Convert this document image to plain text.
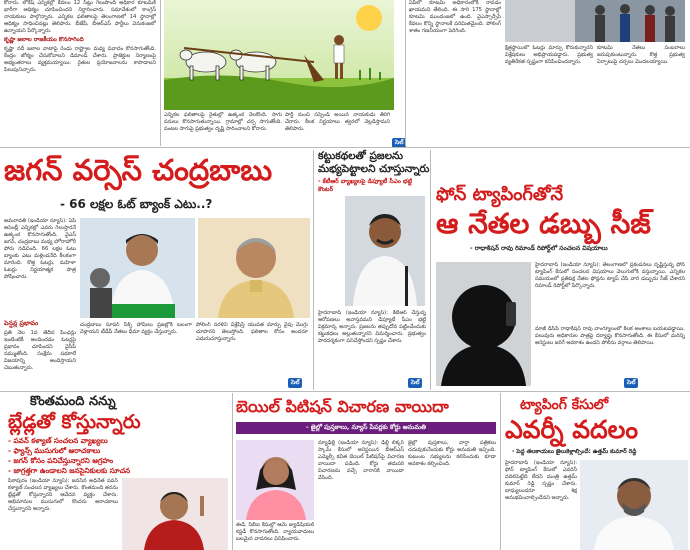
కోరారు. లోకేష్ ఎన్నికల్లో కేవలం 12 సీట్లు గెలుపొంది అధికార కూటమికి భారీగా ఆధిక్యం చూపించిందని నిర్ధారించారు. సమావేశంలో కాంగ్రెస్ నాయకులు పాల్గొన్నారు. ఎన్నికల ఫలితాలపై తెలంగాణలో 14 స్థానాల్లో ఆధిక్యం సాధించినట్లు తెలిపారు. బీజేపీ, బీఆర్ఎస్ పార్టీలు వెనుకంజలో ఉన్నాయని పేర్కొన్నారు.

కృష్ణా జలాల రాజకీయం కొనసాగింది

కృష్ణా నదీ జలాల వాటాపై రెండు రాష్ట్రాల మధ్య వివాదం కొనసాగుతోంది. కేంద్రం జోక్యం చేసుకోవాలని డిమాండ్ చేశారు. ప్రాజెక్టుల నిర్మాణంపై అభ్యంతరాలు వ్యక్తమయ్యాయి. రైతుల ప్రయోజనాలను కాపాడాలని పిలుపునిచ్చారు.

ఎన్నికల ఫలితాలపై రైతుల్లో ఉత్కంఠ నెలకొంది. సాగు పనులు కొనసాగుతున్నాయి. గ్రామాల్లో చర్చ సాగుతోంది. పంటల సాగుపై ప్రభుత్వం దృష్టి సారించాలని కోరారు.
పార్టీ నుంచి సస్పెండ్ అయిన నాయకుడు తిరిగి చేరారు. కీలక నిర్ణయాలు త్వరలో వెల్లడిస్తామని తెలిపారు.
సెల్
ఏపీలో కూటమి అధికారంలోకి రావడం ఖాయమని తేలింది. ఈ సారి 175 స్థానాల్లో కూటమి ముందంజలో ఉంది. వైఎస్సార్సీపీ కేవలం కొన్ని స్థానాలకే పరిమితమైంది. పోలింగ్ శాతం గణనీయంగా పెరిగింది.
క్షేత్రస్థాయిలో ఓటర్లు మార్పు కోరుకున్నారని విశ్లేషకులు అభిప్రాయపడ్డారు. ప్రభుత్వ వ్యతిరేకత స్పష్టంగా కనిపించిందన్నారు.
కూటమి నేతలు సంబరాలు జరుపుకుంటున్నారు. కొత్త ప్రభుత్వ ఏర్పాటుపై చర్చలు మొదలయ్యాయి.
జగన్ వర్సెస్ చంద్రబాబు
- 66 లక్షల ఓట్ బ్యాంక్ ఎటు..?
అమరావతి (ఇండియా న్యూస్): ఏపీ అసెంబ్లీ ఎన్నికల్లో ఎవరు గెలుస్తారనే ఉత్కంఠ కొనసాగుతోంది. వైఎస్ జగన్, చంద్రబాబు మధ్య హోరాహోరీ పోరు నడిచింది. 66 లక్షల ఓటు బ్యాంకు ఎటు మళ్లిందనేది కీలకంగా మారింది. కొత్త ఓటర్లు, మహిళా ఓటర్లు నిర్ణయాత్మక పాత్ర పోషించారు.
పెన్షన్ల ప్రభావం
ప్రతి నెల 1వ తేదీన పింఛన్లు ఇంటింటికీ అందించడం ఓటర్లపై ప్రభావం చూపిందని వైసీపీ నమ్ముతోంది. సంక్షేమ పథకాలే విజయాన్ని అందిస్తాయని చెబుతున్నారు.
చంద్రబాబు సూపర్ సిక్స్ హామీలు ప్రజల్లోకి బలంగా వెళ్లాయని టీడీపీ నేతలు ధీమా వ్యక్తం చేస్తున్నారు.
పోలింగ్ సరళిని విశ్లేషిస్తే యువత మార్పు వైపు మొగ్గు చూపారని తెలుస్తోంది. ఫలితాల కోసం అందరూ ఎదురుచూస్తున్నారు.
సెల్
కట్టుకథలతో ప్రజలను
మభ్యపెట్టాలని చూస్తున్నారు
- కేటీఆర్ వ్యాఖ్యలపై డిప్యూటీ సీఎం భట్టి కౌంటర్
హైదరాబాద్ (ఇండియా న్యూస్): కేటీఆర్ చేస్తున్న ఆరోపణలు అవాస్తవమని డిప్యూటీ సీఎం భట్టి విక్రమార్క అన్నారు. ప్రజలను తప్పుదోవ పట్టించేందుకు కట్టుకథలు అల్లుతున్నారని విమర్శించారు. ప్రభుత్వం పారదర్శకంగా పనిచేస్తోందని స్పష్టం చేశారు.
సెల్
ఫోన్ ట్యాపింగ్‌తోనే
ఆ నేతల డబ్బు సీజ్
- రాధాకిషన్ రావు రిమాండ్ రిపోర్ట్‌లో సంచలన విషయాలు
హైదరాబాద్ (ఇండియా న్యూస్): తెలంగాణలో ప్రకంపనలు సృష్టిస్తున్న ఫోన్ ట్యాపింగ్ కేసులో సంచలన విషయాలు వెలుగులోకి వస్తున్నాయి. ఎన్నికల సమయంలో ప్రతిపక్ష నేతల ఫోన్లను ట్యాప్ చేసి వారి డబ్బును సీజ్ చేశారని రిమాండ్ రిపోర్ట్‌లో పేర్కొన్నారు.
మాజీ డీసీపీ రాధాకిషన్ రావు వాంగ్మూలంలో కీలక అంశాలు బయటపడ్డాయి. పలువురు అధికారుల పాత్రపై దర్యాప్తు కొనసాగుతోంది. ఈ కేసులో మరిన్ని అరెస్టులు జరిగే అవకాశం ఉందని పోలీసు వర్గాలు తెలిపాయి.
సెల్
కొంతమంది నన్ను
బ్లేడ్లతో కోస్తున్నారు
- పవన్ కళ్యాణ్ సంచలన వ్యాఖ్యలు
- ఫ్యాన్స్ ముసుగులో అరాచకాలు
- జగన్ కోసం పనిచేస్తున్నారని ఆగ్రహం
- జాగ్రత్తగా ఉండాలని జనసైనికులకు సూచన
పిఠాపురం (ఇండియా న్యూస్): జనసేన అధినేత పవన్ కళ్యాణ్ సంచలన వ్యాఖ్యలు చేశారు. కొంతమంది తనను బ్లేడ్లతో కోస్తున్నారని ఆవేదన వ్యక్తం చేశారు. అభిమానుల ముసుగులో కొందరు అరాచకాలు చేస్తున్నారని అన్నారు.
బెయిల్ పిటిషన్ విచారణ వాయిదా
- జైల్లో పుస్తకాలు, న్యూస్ పేపర్లకు కోర్టు అనుమతి
ఈడీ, సీబీఐ కేసుల్లో ఆమె జ్యుడీషియల్ కస్టడీ కొనసాగుతోంది. న్యాయవాదులు బలమైన వాదనలు వినిపించారు.
న్యూఢిల్లీ (ఇండియా న్యూస్): ఢిల్లీ లిక్కర్ స్కామ్ కేసులో అరెస్టయిన బీఆర్ఎస్ ఎమ్మెల్సీ కవిత బెయిల్ పిటిషన్‌పై విచారణ వాయిదా పడింది. కోర్టు తదుపరి విచారణను వచ్చే వారానికి వాయిదా వేసింది.
జైల్లో పుస్తకాలు, వార్తా పత్రికలు చదువుకునేందుకు కోర్టు అనుమతి ఇచ్చింది. కుటుంబ సభ్యులను కలిసేందుకు కూడా అవకాశం కల్పించింది.
ట్యాపింగ్ కేసులో
ఎవర్నీ వదలం
- పెద్ద తలకాయలు జైలుకెళ్లాల్సిందే: ఉత్తమ్ కుమార్ రెడ్డి
హైదరాబాద్ (ఇండియా న్యూస్): ఫోన్ ట్యాపింగ్ కేసులో ఎవరినీ వదిలిపెట్టేది లేదని మంత్రి ఉత్తమ్ కుమార్ రెడ్డి స్పష్టం చేశారు. బాధ్యులందరూ శిక్ష అనుభవించాల్సిందేనని అన్నారు.
